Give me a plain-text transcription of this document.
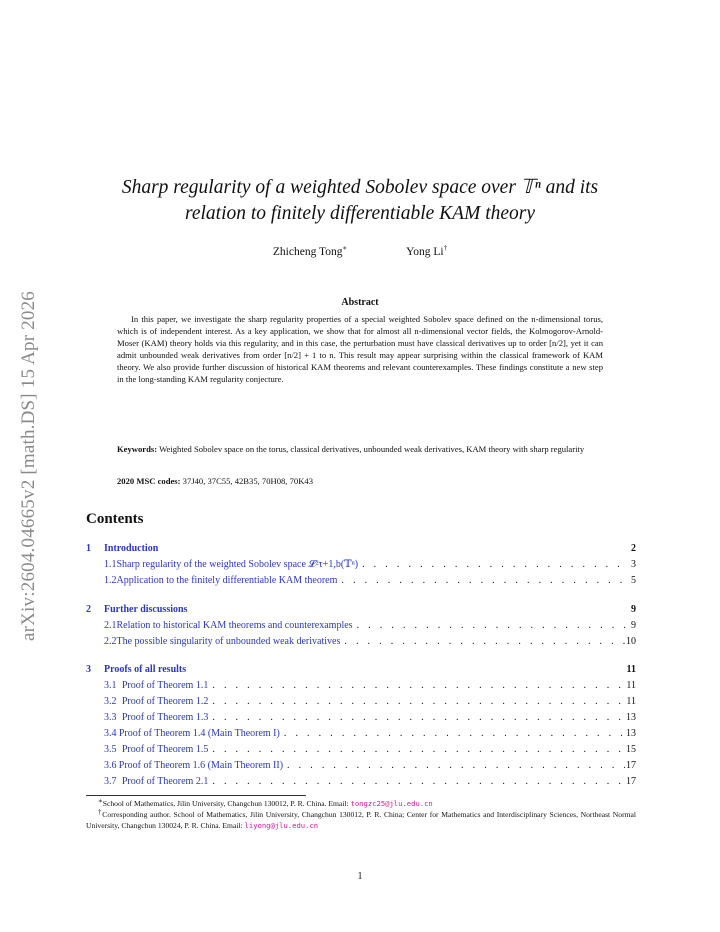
arXiv:2604.04665v2 [math.DS] 15 Apr 2026
Sharp regularity of a weighted Sobolev space over 𝕋ⁿ and its
relation to finitely differentiable KAM theory
Zhicheng Tong∗	Yong Li†
Abstract
In this paper, we investigate the sharp regularity properties of a special weighted Sobolev space defined on the n-dimensional torus, which is of independent interest. As a key application, we show that for almost all n-dimensional vector fields, the Kolmogorov-Arnold-Moser (KAM) theory holds via this regularity, and in this case, the perturbation must have classical derivatives up to order [n/2], yet it can admit unbounded weak derivatives from order [n/2] + 1 to n. This result may appear surprising within the classical framework of KAM theory. We also provide further discussion of historical KAM theorems and relevant counterexamples. These findings constitute a new step in the long-standing KAM regularity conjecture.
Keywords: Weighted Sobolev space on the torus, classical derivatives, unbounded weak derivatives, KAM theory with sharp regularity
2020 MSC codes: 37J40, 37C55, 42B35, 70H08, 70K43
Contents
1	Introduction	2
1.1 Sharp regularity of the weighted Sobolev space 𝓛²τ+1,b(𝕋ⁿ) . . .	3
1.2 Application to the finitely differentiable KAM theorem . . .	5
2	Further discussions	9
2.1 Relation to historical KAM theorems and counterexamples . . .	9
2.2 The possible singularity of unbounded weak derivatives . . .	10
3	Proofs of all results	11
3.1 Proof of Theorem 1.1 . . .	11
3.2 Proof of Theorem 1.2 . . .	11
3.3 Proof of Theorem 1.3 . . .	13
3.4 Proof of Theorem 1.4 (Main Theorem I) . . .	13
3.5 Proof of Theorem 1.5 . . .	15
3.6 Proof of Theorem 1.6 (Main Theorem II) . . .	17
3.7 Proof of Theorem 2.1 . . .	17

∗School of Mathematics, Jilin University, Changchun 130012, P. R. China. Email: tongzc25@jlu.edu.cn

†Corresponding author. School of Mathematics, Jilin University, Changchun 130012, P. R. China; Center for Mathematics and Interdisciplinary Sciences, Northeast Normal University, Changchun 130024, P. R. China. Email: liyong@jlu.edu.cn

1
